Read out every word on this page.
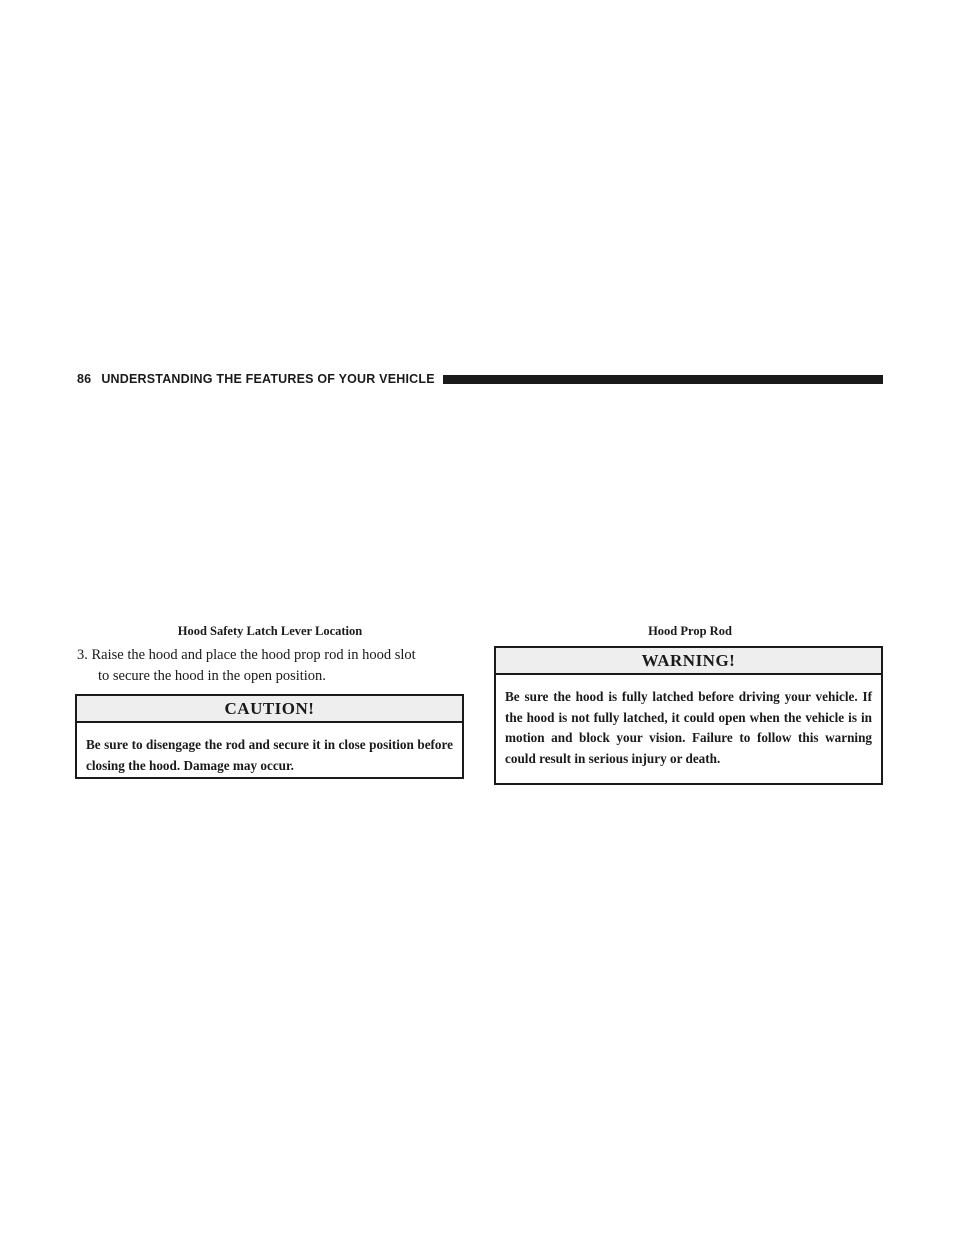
86 UNDERSTANDING THE FEATURES OF YOUR VEHICLE
Hood Safety Latch Lever Location	Hood Prop Rod
3. Raise the hood and place the hood prop rod in hood slot
to secure the hood in the open position.
CAUTION!
Be sure to disengage the rod and secure it in close position before closing the hood. Damage may occur.
WARNING!
Be sure the hood is fully latched before driving your vehicle. If the hood is not fully latched, it could open when the vehicle is in motion and block your vision. Failure to follow this warning could result in serious injury or death.
